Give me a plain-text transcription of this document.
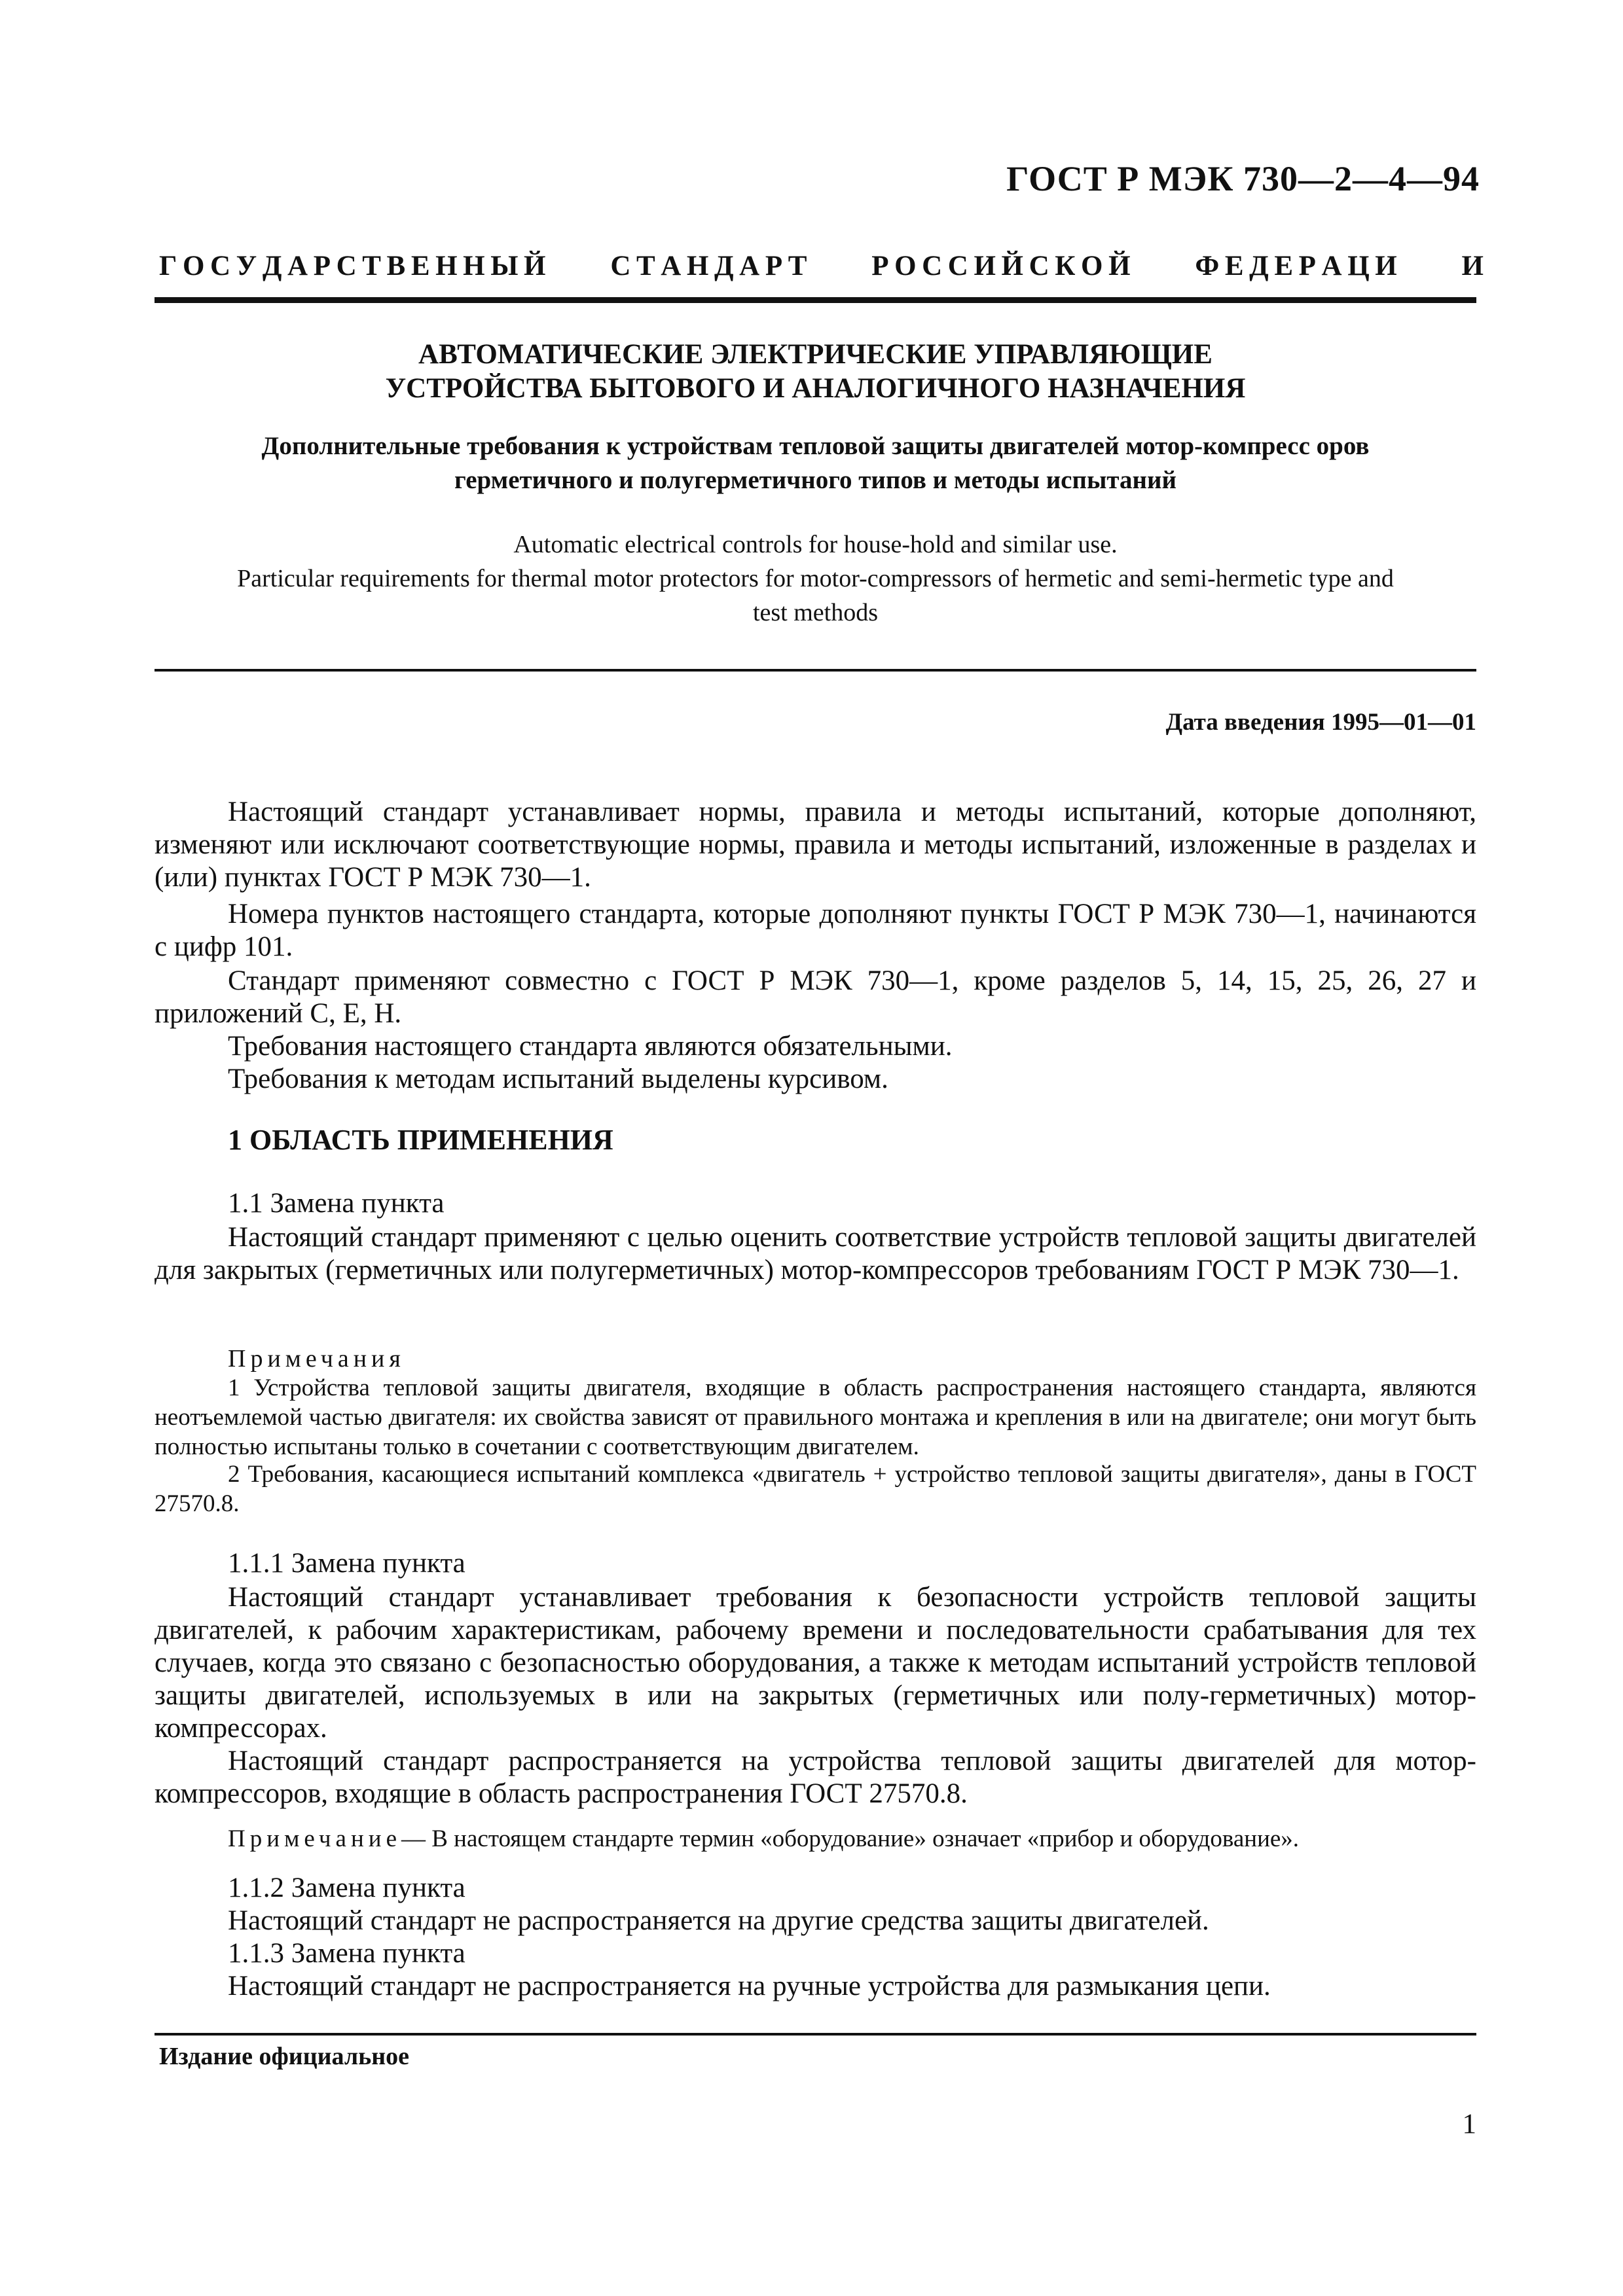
ГОСТ Р МЭК 730—2—4—94
Г О С У Д А Р С Т В Е Н Н Ы Й С Т А Н Д А Р Т Р О С С И Й С К О Й Ф Е Д Е Р А Ц И И
АВТОМАТИЧЕСКИЕ ЭЛЕКТРИЧЕСКИЕ УПРАВЛЯЮЩИЕ
УСТРОЙСТВА БЫТОВОГО И АНАЛОГИЧНОГО НАЗНАЧЕНИЯ
Дополнительные требования к устройствам тепловой защиты двигателей мотор-компресс оров
герметичного и полугерметичного типов и методы испытаний
Automatic electrical controls for house-hold and similar use.
Particular requirements for thermal motor protectors for motor-compressors of hermetic and semi-hermetic type and
test methods
Дата введения 1995—01—01

Настоящий стандарт устанавливает нормы, правила и методы испытаний, которые дополняют, изменяют или исключают соответствующие нормы, правила и методы испытаний, изложенные в разделах и (или) пунктах ГОСТ Р МЭК 730—1.

Номера пунктов настоящего стандарта, которые дополняют пункты ГОСТ Р МЭК 730—1, начинаются с цифр 101.

Стандарт применяют совместно с ГОСТ Р МЭК 730—1, кроме разделов 5, 14, 15, 25, 26, 27 и приложений С, Е, Н.

Требования настоящего стандарта являются обязательными.

Требования к методам испытаний выделены курсивом.

1 ОБЛАСТЬ ПРИМЕНЕНИЯ
1.1 Замена пункта

Настоящий стандарт применяют с целью оценить соответствие устройств тепловой защиты двигателей для закрытых (герметичных или полугерметичных) мотор-компрессоров требованиям ГОСТ Р МЭК 730—1.

Примечания

1 Устройства тепловой защиты двигателя, входящие в область распространения настоящего стандарта, являются неотъемлемой частью двигателя: их свойства зависят от правильного монтажа и крепления в или на двигателе; они могут быть полностью испытаны только в сочетании с соответствующим двигателем.

2 Требования, касающиеся испытаний комплекса «двигатель + устройство тепловой защиты двигателя», даны в ГОСТ 27570.8.

1.1.1 Замена пункта

Настоящий стандарт устанавливает требования к безопасности устройств тепловой защиты двигателей, к рабочим характеристикам, рабочему времени и последовательности срабатывания для тех случаев, когда это связано с безопасностью оборудования, а также к методам испытаний устройств тепловой защиты двигателей, используемых в или на закрытых (герметичных или полу-герметичных) мотор-компрессорах.

Настоящий стандарт распространяется на устройства тепловой защиты двигателей для мотор-компрессоров, входящие в область распространения ГОСТ 27570.8.

Примечание— В настоящем стандарте термин «оборудование» означает «прибор и оборудование».
1.1.2 Замена пункта
Настоящий стандарт не распространяется на другие средства защиты двигателей.
1.1.3 Замена пункта
Настоящий стандарт не распространяется на ручные устройства для размыкания цепи.
Издание официальное
1
